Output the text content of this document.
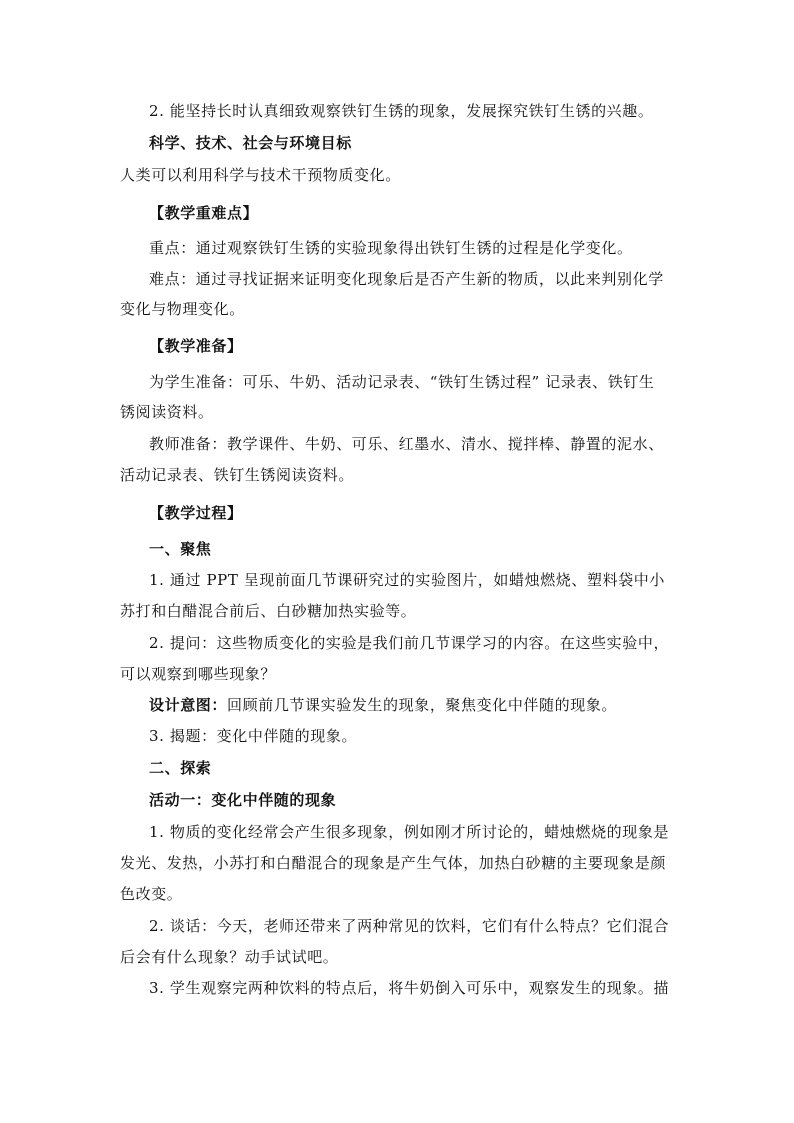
2. 能坚持长时认真细致观察铁钉生锈的现象，发展探究铁钉生锈的兴趣。
科学、技术、社会与环境目标
人类可以利用科学与技术干预物质变化。
【教学重难点】
重点：通过观察铁钉生锈的实验现象得出铁钉生锈的过程是化学变化。
难点：通过寻找证据来证明变化现象后是否产生新的物质，以此来判别化学
变化与物理变化。
【教学准备】
为学生准备：可乐、牛奶、活动记录表、“铁钉生锈过程” 记录表、铁钉生
锈阅读资料。
教师准备：教学课件、牛奶、可乐、红墨水、清水、搅拌棒、静置的泥水、
活动记录表、铁钉生锈阅读资料。
【教学过程】
一、聚焦
1. 通过 PPT 呈现前面几节课研究过的实验图片，如蜡烛燃烧、塑料袋中小
苏打和白醋混合前后、白砂糖加热实验等。
2. 提问：这些物质变化的实验是我们前几节课学习的内容。在这些实验中，
可以观察到哪些现象？
设计意图：回顾前几节课实验发生的现象，聚焦变化中伴随的现象。
3. 揭题：变化中伴随的现象。
二、探索
活动一：变化中伴随的现象
1. 物质的变化经常会产生很多现象，例如刚才所讨论的，蜡烛燃烧的现象是
发光、发热，小苏打和白醋混合的现象是产生气体，加热白砂糖的主要现象是颜
色改变。
2. 谈话：今天，老师还带来了两种常见的饮料，它们有什么特点？它们混合
后会有什么现象？动手试试吧。
3. 学生观察完两种饮料的特点后，将牛奶倒入可乐中，观察发生的现象。描
